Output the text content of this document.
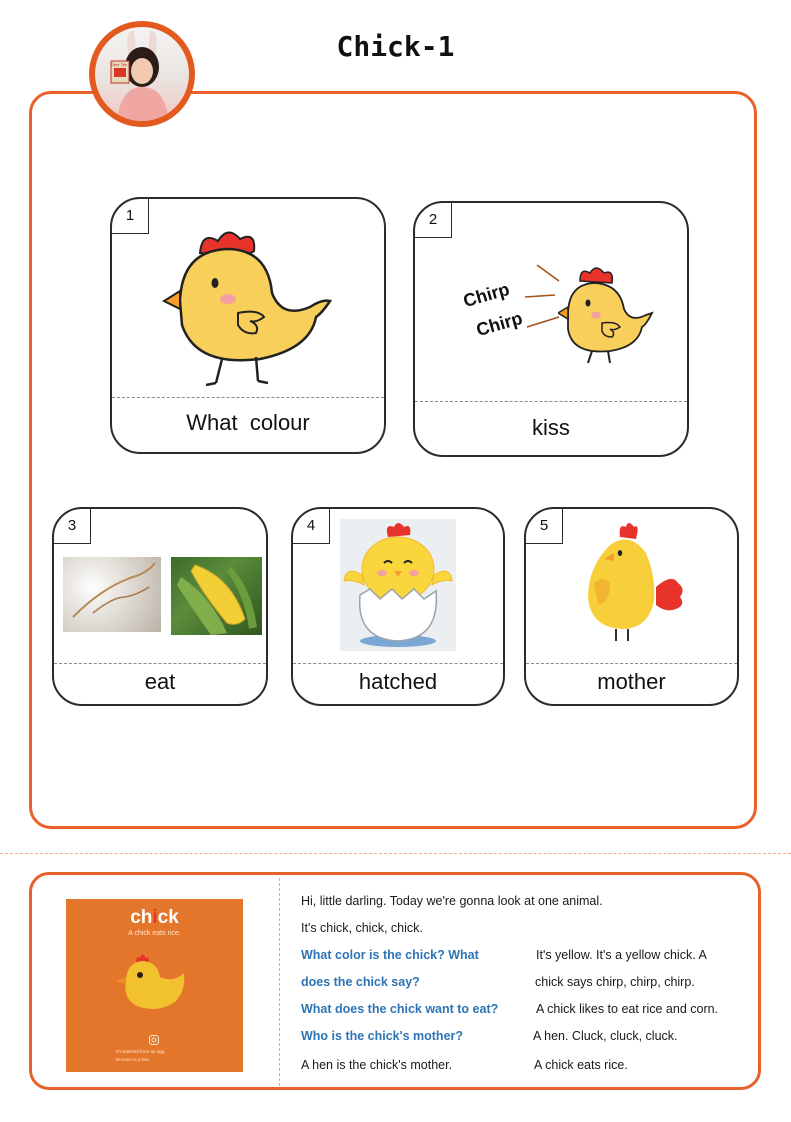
Chick-1
Deer Tee
1
What  colour
2
Chirp
Chirp
kiss
3
eat
4
hatched
5
mother
chick
A chick eats rice.
It's hatched from an egg.
Its mom is a hen.
Hi, little darling. Today we're gonna look at one animal.
It's chick, chick, chick.
What color is the chick? What	It's yellow. It's a yellow chick. A
does the chick say?	chick says chirp, chirp, chirp.
What does the chick want to eat?	A chick likes to eat rice and corn.
Who is the chick's mother?	A hen. Cluck, cluck, cluck.
A hen is the chick's mother.	A chick eats rice.
